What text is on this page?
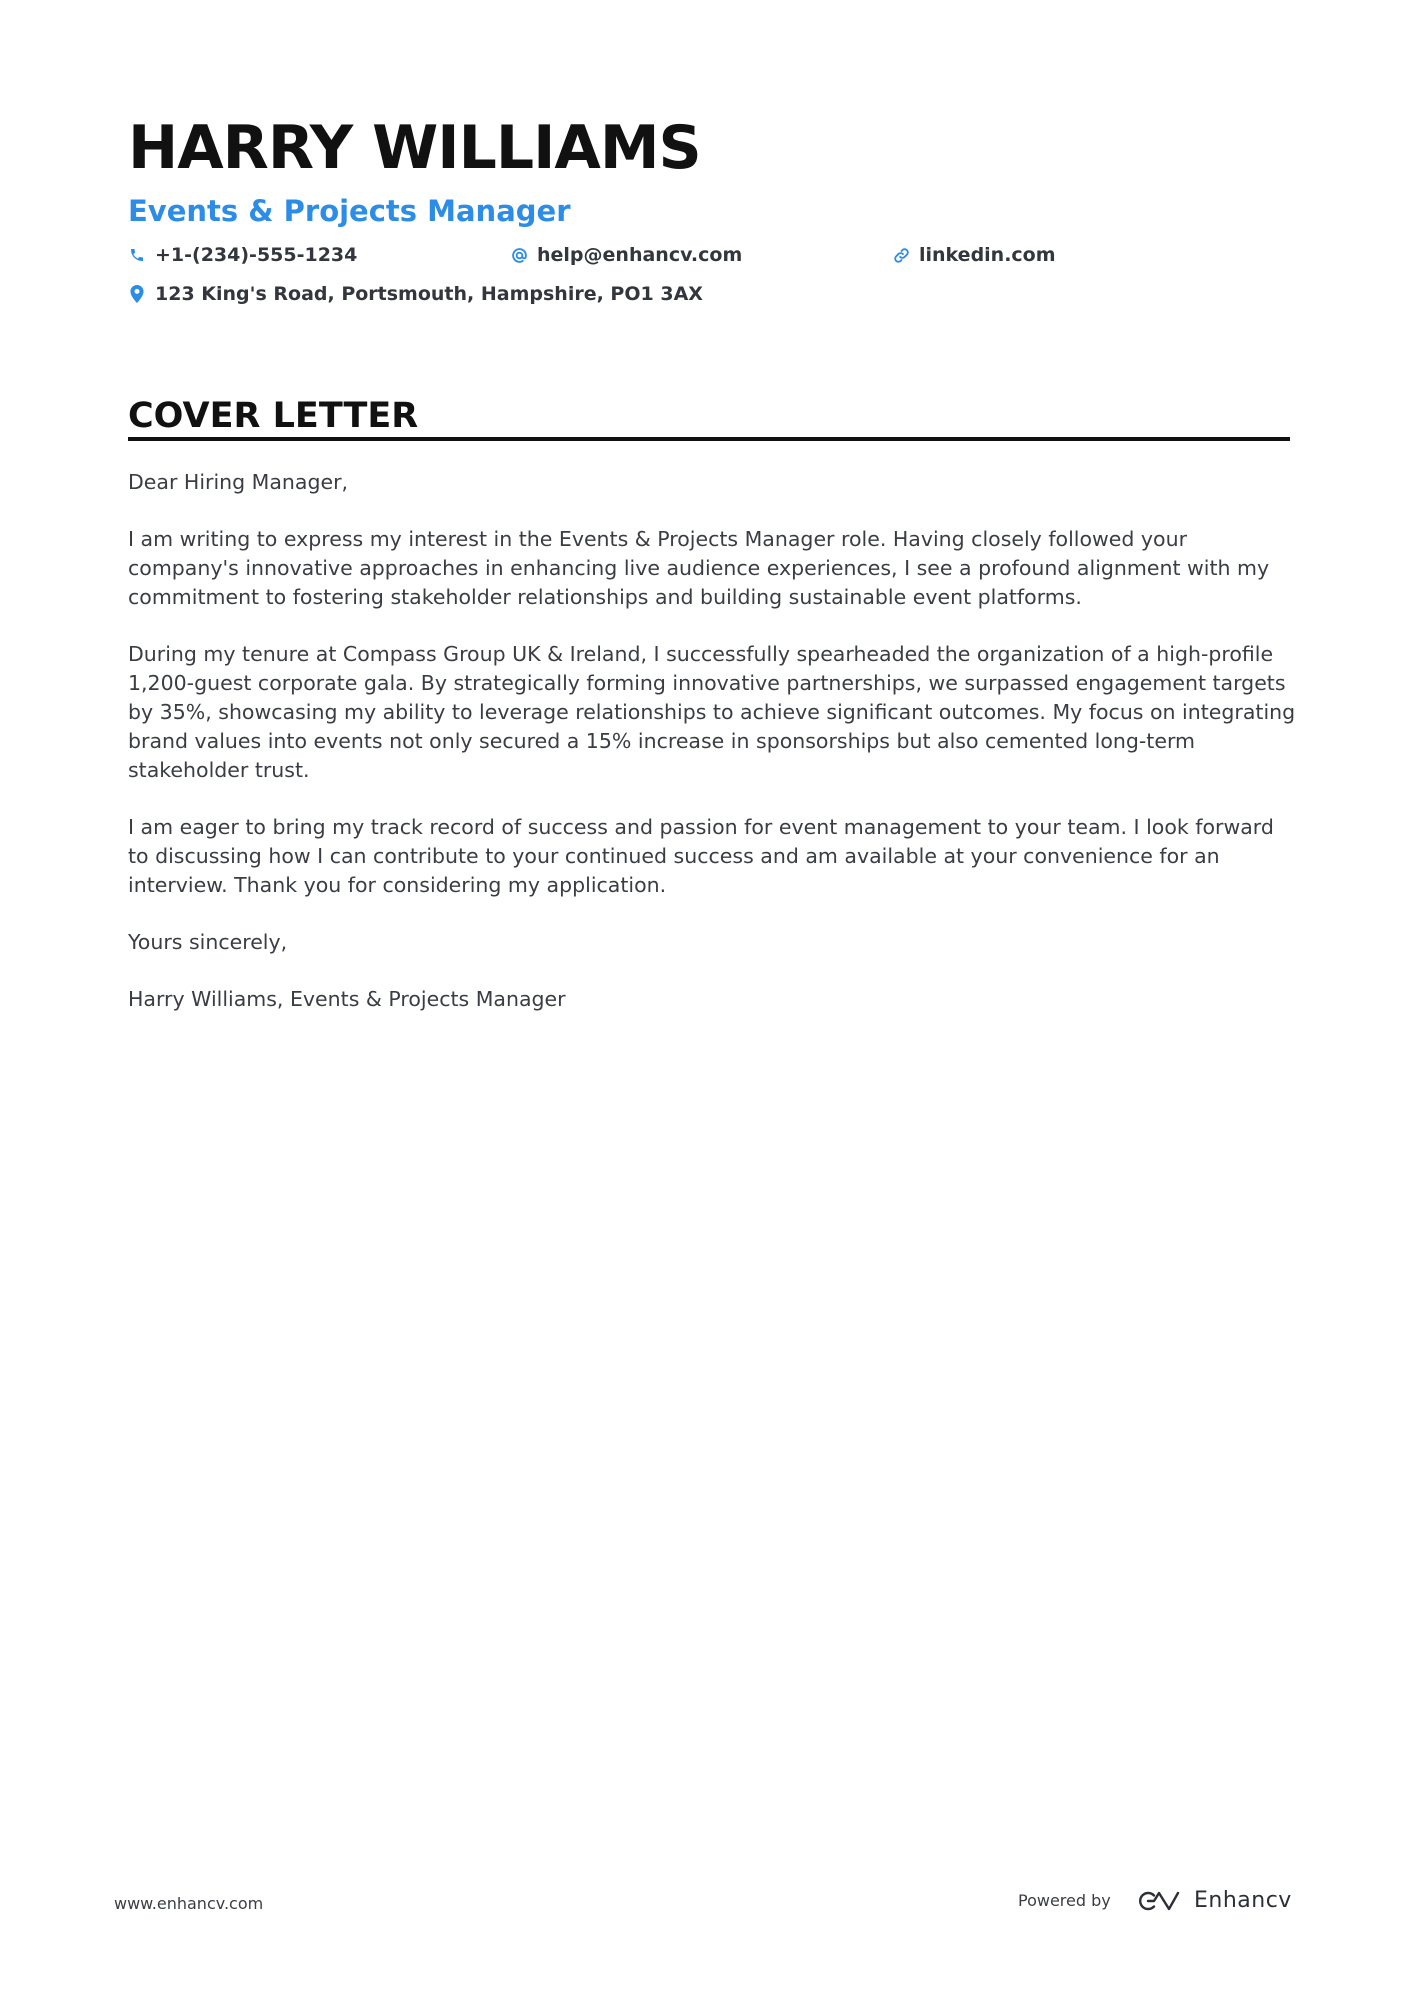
HARRY WILLIAMS
Events & Projects Manager
+1-(234)-555-1234	help@enhancv.com	linkedin.com
123 King's Road, Portsmouth, Hampshire, PO1 3AX
COVER LETTER

Dear Hiring Manager,

I am writing to express my interest in the Events & Projects Manager role. Having closely followed your company's innovative approaches in enhancing live audience experiences, I see a profound alignment with my commitment to fostering stakeholder relationships and building sustainable event platforms.

During my tenure at Compass Group UK & Ireland, I successfully spearheaded the organization of a high-profile 1,200-guest corporate gala. By strategically forming innovative partnerships, we surpassed engagement targets by 35%, showcasing my ability to leverage relationships to achieve significant outcomes. My focus on integrating brand values into events not only secured a 15% increase in sponsorships but also cemented long-term stakeholder trust.

I am eager to bring my track record of success and passion for event management to your team. I look forward to discussing how I can contribute to your continued success and am available at your convenience for an interview. Thank you for considering my application.

Yours sincerely,

Harry Williams, Events & Projects Manager

www.enhancv.com	Powered by	Enhancv
